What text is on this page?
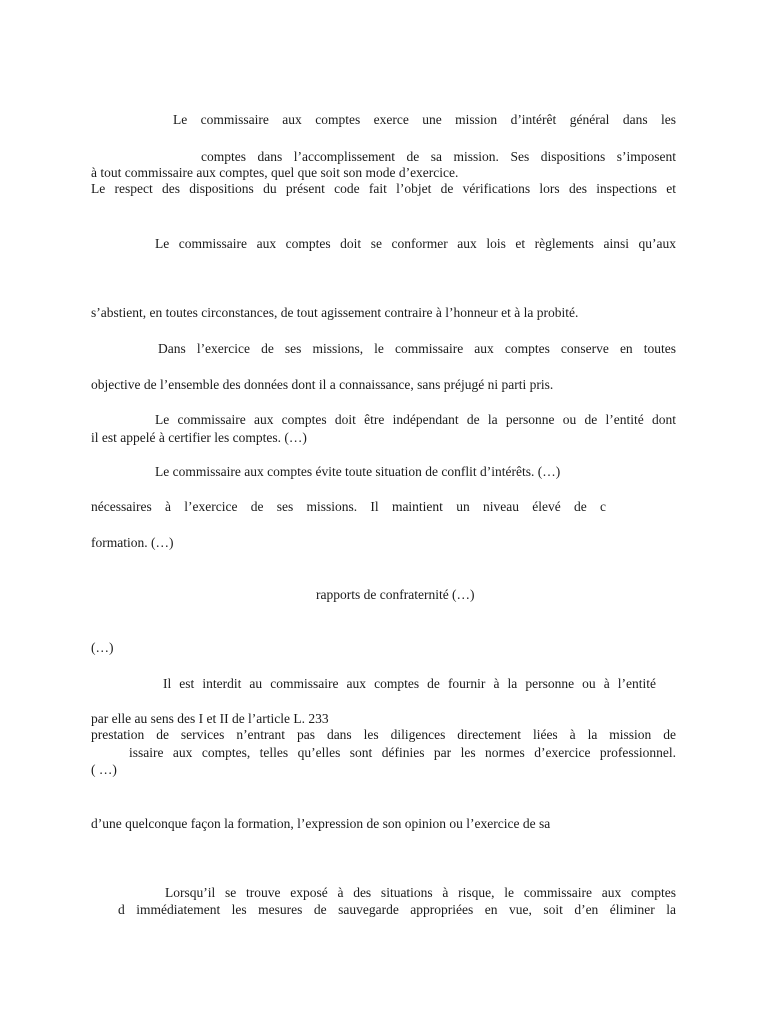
Le commissaire aux comptes exerce une mission d’intérêt général dans les
comptes dans l’accomplissement de sa mission. Ses dispositions s’imposent
à tout commissaire aux comptes, quel que soit son mode d’exercice.
Le respect des dispositions du présent code fait l’objet de vérifications lors des inspections et
Le commissaire aux comptes doit se conformer aux lois et règlements ainsi qu’aux
s’abstient, en toutes circonstances, de tout agissement contraire à l’honneur et à la probité.
Dans l’exercice de ses missions, le commissaire aux comptes conserve en toutes
objective de l’ensemble des données dont il a connaissance, sans préjugé ni parti pris.
Le commissaire aux comptes doit être indépendant de la personne ou de l’entité dont
il est appelé à certifier les comptes. (…)
Le commissaire aux comptes évite toute situation de conflit d’intérêts. (…)
nécessaires à l’exercice de ses missions. Il maintient un niveau élevé de c
formation. (…)
rapports de confraternité (…)
(…)
Il est interdit au commissaire aux comptes de fournir à la personne ou à l’entité
par elle au sens des I et II de l’article L. 233
prestation de services n’entrant pas dans les diligences directement liées à la mission de
issaire aux comptes, telles qu’elles sont définies par les normes d’exercice professionnel.
( …)
d’une quelconque façon la formation, l’expression de son opinion ou l’exercice de sa
Lorsqu’il se trouve exposé à des situations à risque, le commissaire aux comptes
d immédiatement les mesures de sauvegarde appropriées en vue, soit d’en éliminer la
